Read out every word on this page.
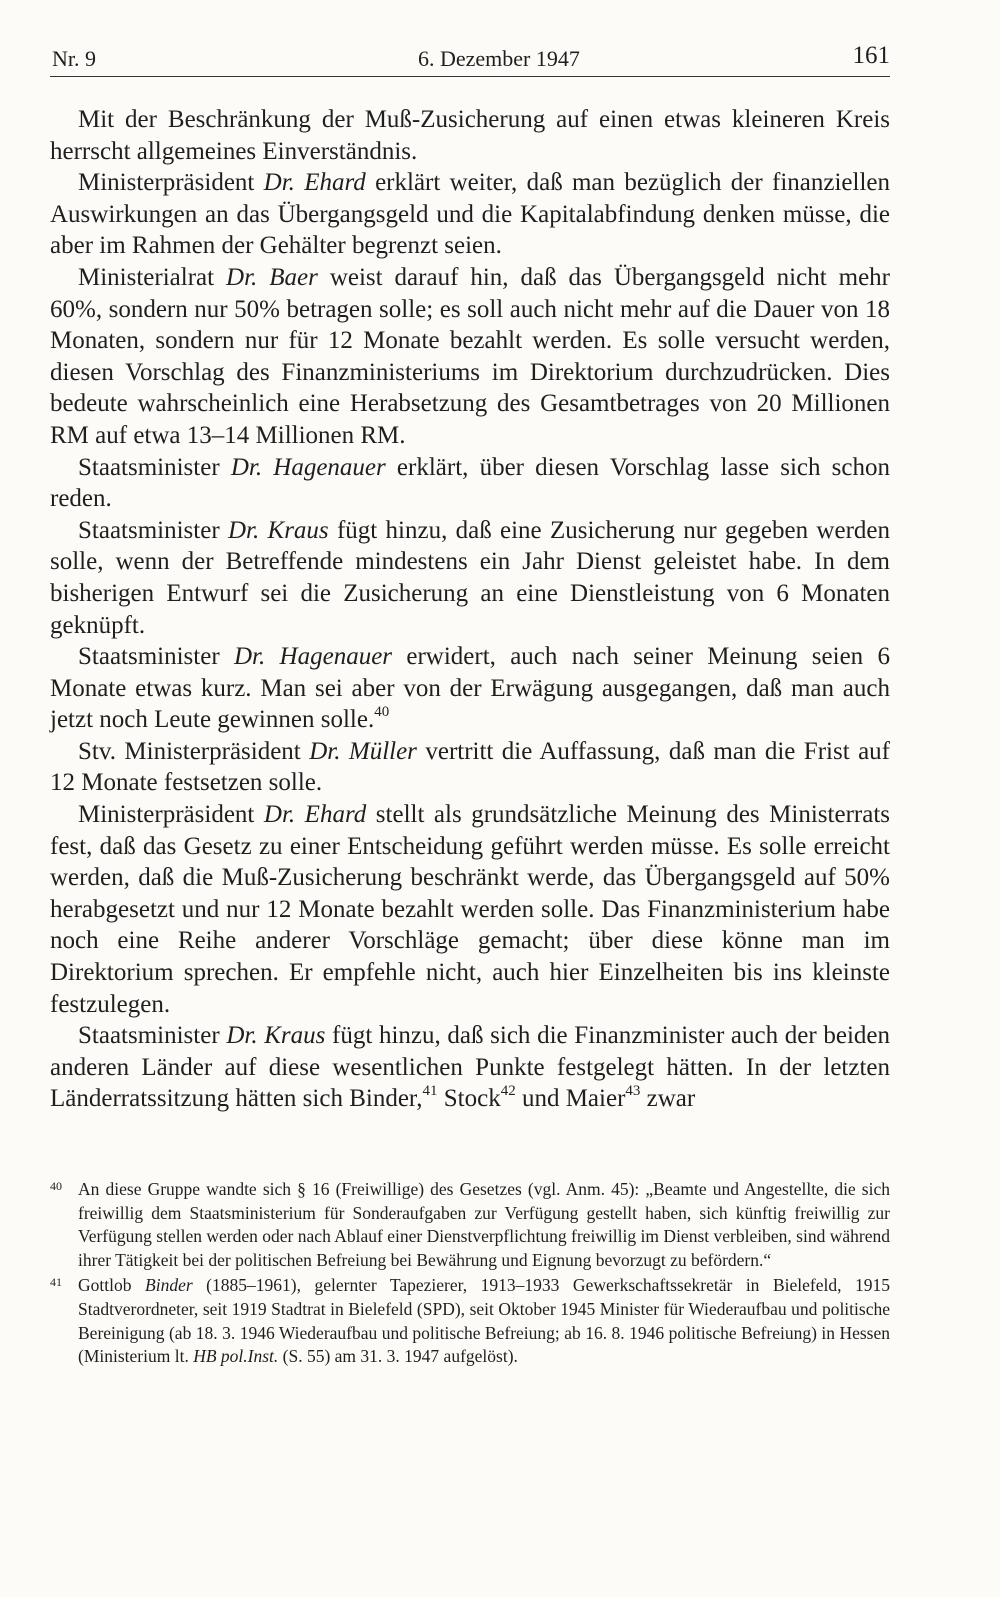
Nr. 9	6. Dezember 1947	161

Mit der Beschränkung der Muß-Zusicherung auf einen etwas kleineren Kreis herrscht allgemeines Einverständnis.

Ministerpräsident Dr. Ehard erklärt weiter, daß man bezüglich der finanziellen Auswirkungen an das Übergangsgeld und die Kapitalabfindung denken müsse, die aber im Rahmen der Gehälter begrenzt seien.

Ministerialrat Dr. Baer weist darauf hin, daß das Übergangsgeld nicht mehr 60%, sondern nur 50% betragen solle; es soll auch nicht mehr auf die Dauer von 18 Monaten, sondern nur für 12 Monate bezahlt werden. Es solle versucht werden, diesen Vorschlag des Finanzministeriums im Direktorium durchzudrücken. Dies bedeute wahrscheinlich eine Herabsetzung des Gesamtbetrages von 20 Millionen RM auf etwa 13–14 Millionen RM.

Staatsminister Dr. Hagenauer erklärt, über diesen Vorschlag lasse sich schon reden.

Staatsminister Dr. Kraus fügt hinzu, daß eine Zusicherung nur gegeben werden solle, wenn der Betreffende mindestens ein Jahr Dienst geleistet habe. In dem bisherigen Entwurf sei die Zusicherung an eine Dienstleistung von 6 Monaten geknüpft.

Staatsminister Dr. Hagenauer erwidert, auch nach seiner Meinung seien 6 Monate etwas kurz. Man sei aber von der Erwägung ausgegangen, daß man auch jetzt noch Leute gewinnen solle.$^{40}$

Stv. Ministerpräsident Dr. Müller vertritt die Auffassung, daß man die Frist auf 12 Monate festsetzen solle.

Ministerpräsident Dr. Ehard stellt als grundsätzliche Meinung des Ministerrats fest, daß das Gesetz zu einer Entscheidung geführt werden müsse. Es solle erreicht werden, daß die Muß-Zusicherung beschränkt werde, das Übergangsgeld auf 50% herabgesetzt und nur 12 Monate bezahlt werden solle. Das Finanzministerium habe noch eine Reihe anderer Vorschläge gemacht; über diese könne man im Direktorium sprechen. Er empfehle nicht, auch hier Einzelheiten bis ins kleinste festzulegen.

Staatsminister Dr. Kraus fügt hinzu, daß sich die Finanzminister auch der beiden anderen Länder auf diese wesentlichen Punkte festgelegt hätten. In der letzten Länderratssitzung hätten sich Binder,$^{41}$ Stock$^{42}$ und Maier$^{43}$ zwar

40 An diese Gruppe wandte sich § 16 (Freiwillige) des Gesetzes (vgl. Anm. 45): „Beamte und Angestellte, die sich freiwillig dem Staatsministerium für Sonderaufgaben zur Verfügung gestellt haben, sich künftig freiwillig zur Verfügung stellen werden oder nach Ablauf einer Dienstverpflichtung freiwillig im Dienst verbleiben, sind während ihrer Tätigkeit bei der politischen Befreiung bei Bewährung und Eignung bevorzugt zu befördern.“
41 Gottlob Binder (1885–1961), gelernter Tapezierer, 1913–1933 Gewerkschaftssekretär in Bielefeld, 1915 Stadtverordneter, seit 1919 Stadtrat in Bielefeld (SPD), seit Oktober 1945 Minister für Wiederaufbau und politische Bereinigung (ab 18. 3. 1946 Wiederaufbau und politische Befreiung; ab 16. 8. 1946 politische Befreiung) in Hessen (Ministerium lt. HB pol.Inst. (S. 55) am 31. 3. 1947 aufgelöst).
